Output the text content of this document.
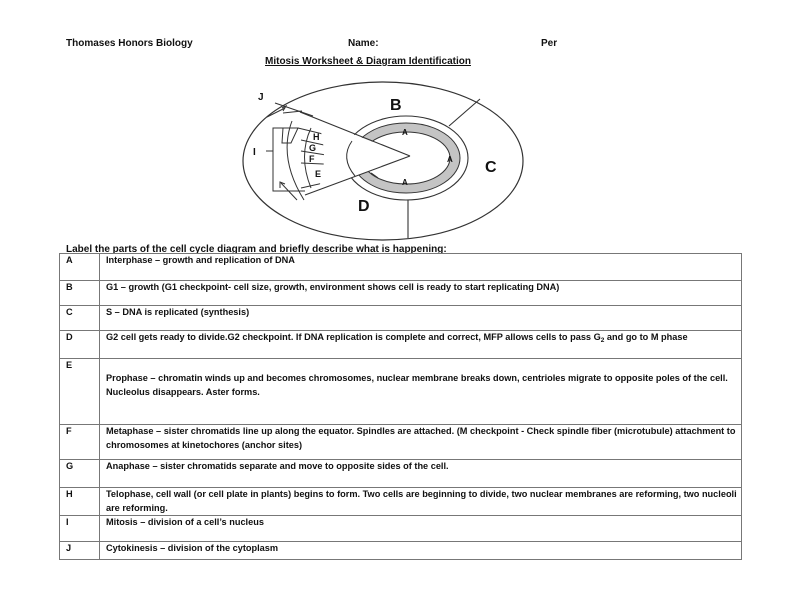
Thomases Honors Biology	Name:	Per
Mitosis Worksheet & Diagram Identification
J
I
H
G
F
E
B
C
D
A
A
A
Label the parts of the cell cycle diagram and briefly describe what is happening:
A	Interphase – growth and replication of DNA
B	G1 – growth (G1 checkpoint- cell size, growth, environment shows cell is ready to start replicating DNA)
C	S – DNA is replicated (synthesis)
D	G2 cell gets ready to divide.G2 checkpoint. If DNA replication is complete and correct, MFP allows cells to pass $G_2$ and go to M phase
E	Prophase – chromatin winds up and becomes chromosomes, nuclear membrane breaks down, centrioles migrate to opposite poles of the cell. Nucleolus disappears. Aster forms.
F	Metaphase – sister chromatids line up along the equator. Spindles are attached. (M checkpoint - Check spindle fiber (microtubule) attachment to chromosomes at kinetochores (anchor sites)
G	Anaphase – sister chromatids separate and move to opposite sides of the cell.
H	Telophase, cell wall (or cell plate in plants) begins to form. Two cells are beginning to divide, two nuclear membranes are reforming, two nucleoli are reforming.
I	Mitosis – division of a cell’s nucleus
J	Cytokinesis – division of the cytoplasm
